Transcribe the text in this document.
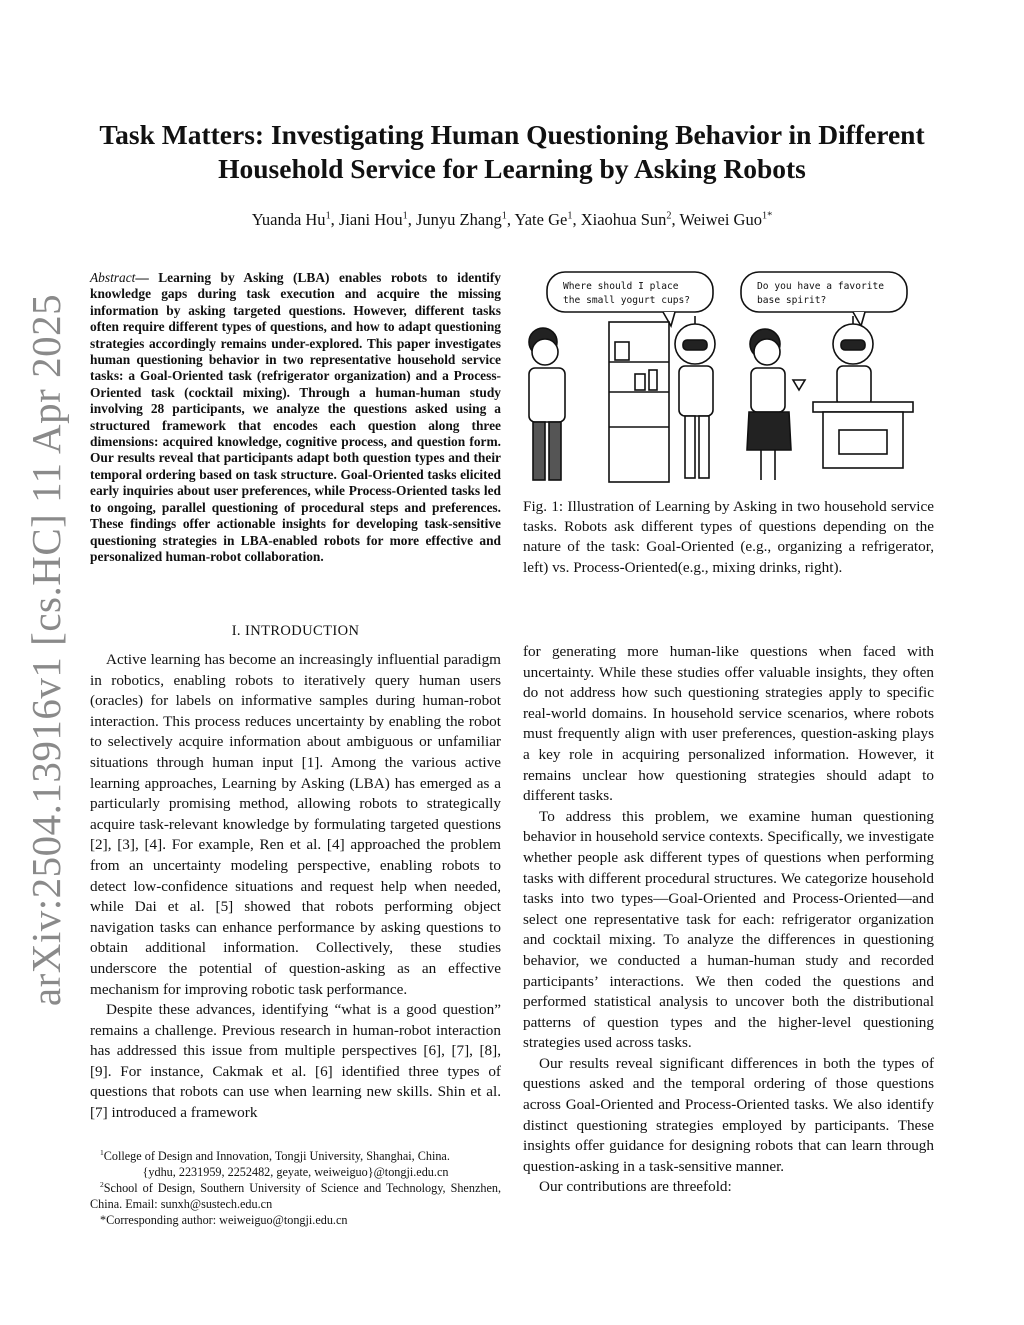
arXiv:2504.13916v1 [cs.HC] 11 Apr 2025
Task Matters: Investigating Human Questioning Behavior in Different
Household Service for Learning by Asking Robots
Yuanda Hu$^1$, Jiani Hou$^1$, Junyu Zhang$^1$, Yate Ge$^1$, Xiaohua Sun$^2$, Weiwei Guo$^{1*}$
Abstract— Learning by Asking (LBA) enables robots to identify knowledge gaps during task execution and acquire the missing information by asking targeted questions. However, different tasks often require different types of questions, and how to adapt questioning strategies accordingly remains under-explored. This paper investigates human questioning behavior in two representative household service tasks: a Goal-Oriented task (refrigerator organization) and a Process-Oriented task (cocktail mixing). Through a human-human study involving 28 participants, we analyze the questions asked using a structured framework that encodes each question along three dimensions: acquired knowledge, cognitive process, and question form. Our results reveal that participants adapt both question types and their temporal ordering based on task structure. Goal-Oriented tasks elicited early inquiries about user preferences, while Process-Oriented tasks led to ongoing, parallel questioning of procedural steps and preferences. These findings offer actionable insights for developing task-sensitive questioning strategies in LBA-enabled robots for more effective and personalized human-robot collaboration.
I. INTRODUCTION

Active learning has become an increasingly influential paradigm in robotics, enabling robots to iteratively query human users (oracles) for labels on informative samples during human-robot interaction. This process reduces uncertainty by enabling the robot to selectively acquire information about ambiguous or unfamiliar situations through human input [1]. Among the various active learning approaches, Learning by Asking (LBA) has emerged as a particularly promising method, allowing robots to strategically acquire task-relevant knowledge by formulating targeted questions [2], [3], [4]. For example, Ren et al. [4] approached the problem from an uncertainty modeling perspective, enabling robots to detect low-confidence situations and request help when needed, while Dai et al. [5] showed that robots performing object navigation tasks can enhance performance by asking questions to obtain additional information. Collectively, these studies underscore the potential of question-asking as an effective mechanism for improving robotic task performance.

Despite these advances, identifying “what is a good question” remains a challenge. Previous research in human-robot interaction has addressed this issue from multiple perspectives [6], [7], [8], [9]. For instance, Cakmak et al. [6] identified three types of questions that robots can use when learning new skills. Shin et al. [7] introduced a framework

$^1$College of Design and Innovation, Tongji University, Shanghai, China.

{ydhu, 2231959, 2252482, geyate, weiweiguo}@tongji.edu.cn

$^2$School of Design, Southern University of Science and Technology, Shenzhen, China. Email: sunxh@sustech.edu.cn

*Corresponding author: weiweiguo@tongji.edu.cn

Where should I place
the small yogurt cups?
Do you have a favorite
base spirit?
Fig. 1: Illustration of Learning by Asking in two household service tasks. Robots ask different types of questions depending on the nature of the task: Goal-Oriented (e.g., organizing a refrigerator, left) vs. Process-Oriented(e.g., mixing drinks, right).

for generating more human-like questions when faced with uncertainty. While these studies offer valuable insights, they often do not address how such questioning strategies apply to specific real-world domains. In household service scenarios, where robots must frequently align with user preferences, question-asking plays a key role in acquiring personalized information. However, it remains unclear how questioning strategies should adapt to different tasks.

To address this problem, we examine human questioning behavior in household service contexts. Specifically, we investigate whether people ask different types of questions when performing tasks with different procedural structures. We categorize household tasks into two types—Goal-Oriented and Process-Oriented—and select one representative task for each: refrigerator organization and cocktail mixing. To analyze the differences in questioning behavior, we conducted a human-human study and recorded participants’ interactions. We then coded the questions and performed statistical analysis to uncover both the distributional patterns of question types and the higher-level questioning strategies used across tasks.

Our results reveal significant differences in both the types of questions asked and the temporal ordering of those questions across Goal-Oriented and Process-Oriented tasks. We also identify distinct questioning strategies employed by participants. These insights offer guidance for designing robots that can learn through question-asking in a task-sensitive manner.

Our contributions are threefold:
